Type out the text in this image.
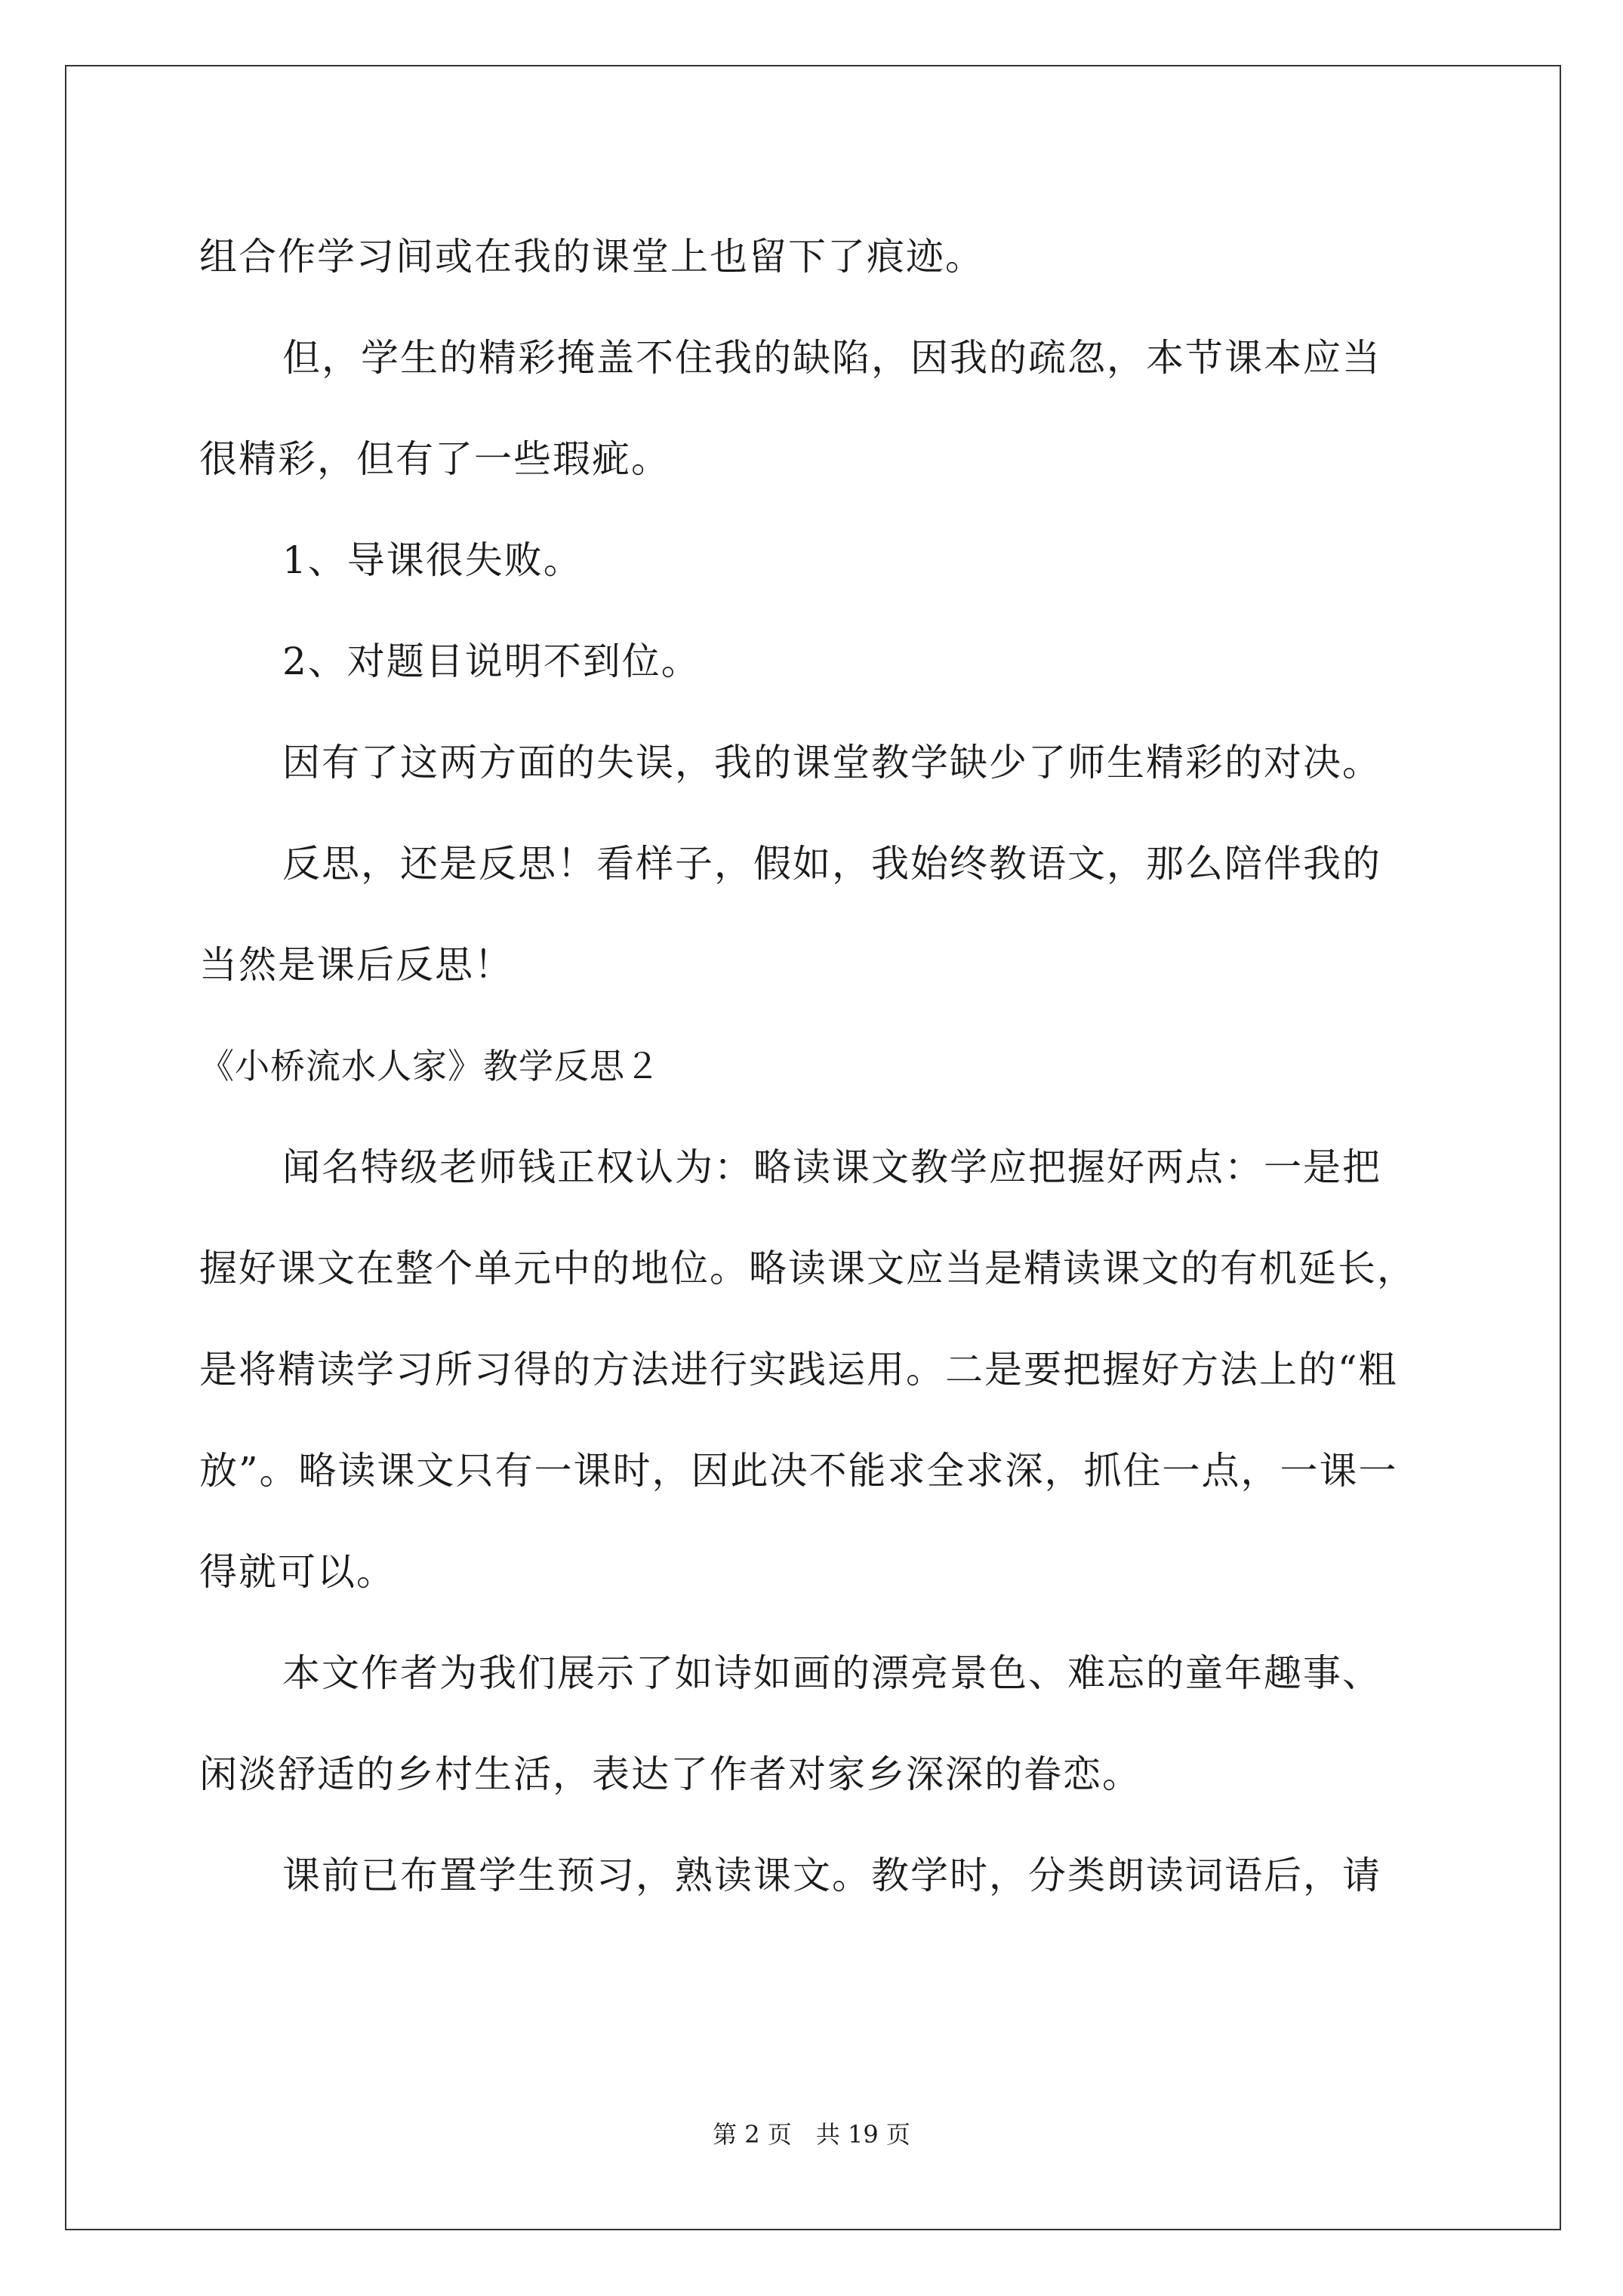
组合作学习间或在我的课堂上也留下了痕迹。
但，学生的精彩掩盖不住我的缺陷，因我的疏忽，本节课本应当
很精彩，但有了一些瑕疵。
1、导课很失败。
2、对题目说明不到位。
因有了这两方面的失误，我的课堂教学缺少了师生精彩的对决。
反思，还是反思！看样子，假如，我始终教语文，那么陪伴我的
当然是课后反思！
《小桥流水人家》教学反思２
闻名特级老师钱正权认为：略读课文教学应把握好两点：一是把
握好课文在整个单元中的地位。略读课文应当是精读课文的有机延长，
是将精读学习所习得的方法进行实践运用。二是要把握好方法上的“粗
放”。略读课文只有一课时，因此决不能求全求深，抓住一点，一课一
得就可以。
本文作者为我们展示了如诗如画的漂亮景色、难忘的童年趣事、
闲淡舒适的乡村生活，表达了作者对家乡深深的眷恋。
课前已布置学生预习，熟读课文。教学时，分类朗读词语后，请
第 2 页　共 19 页
